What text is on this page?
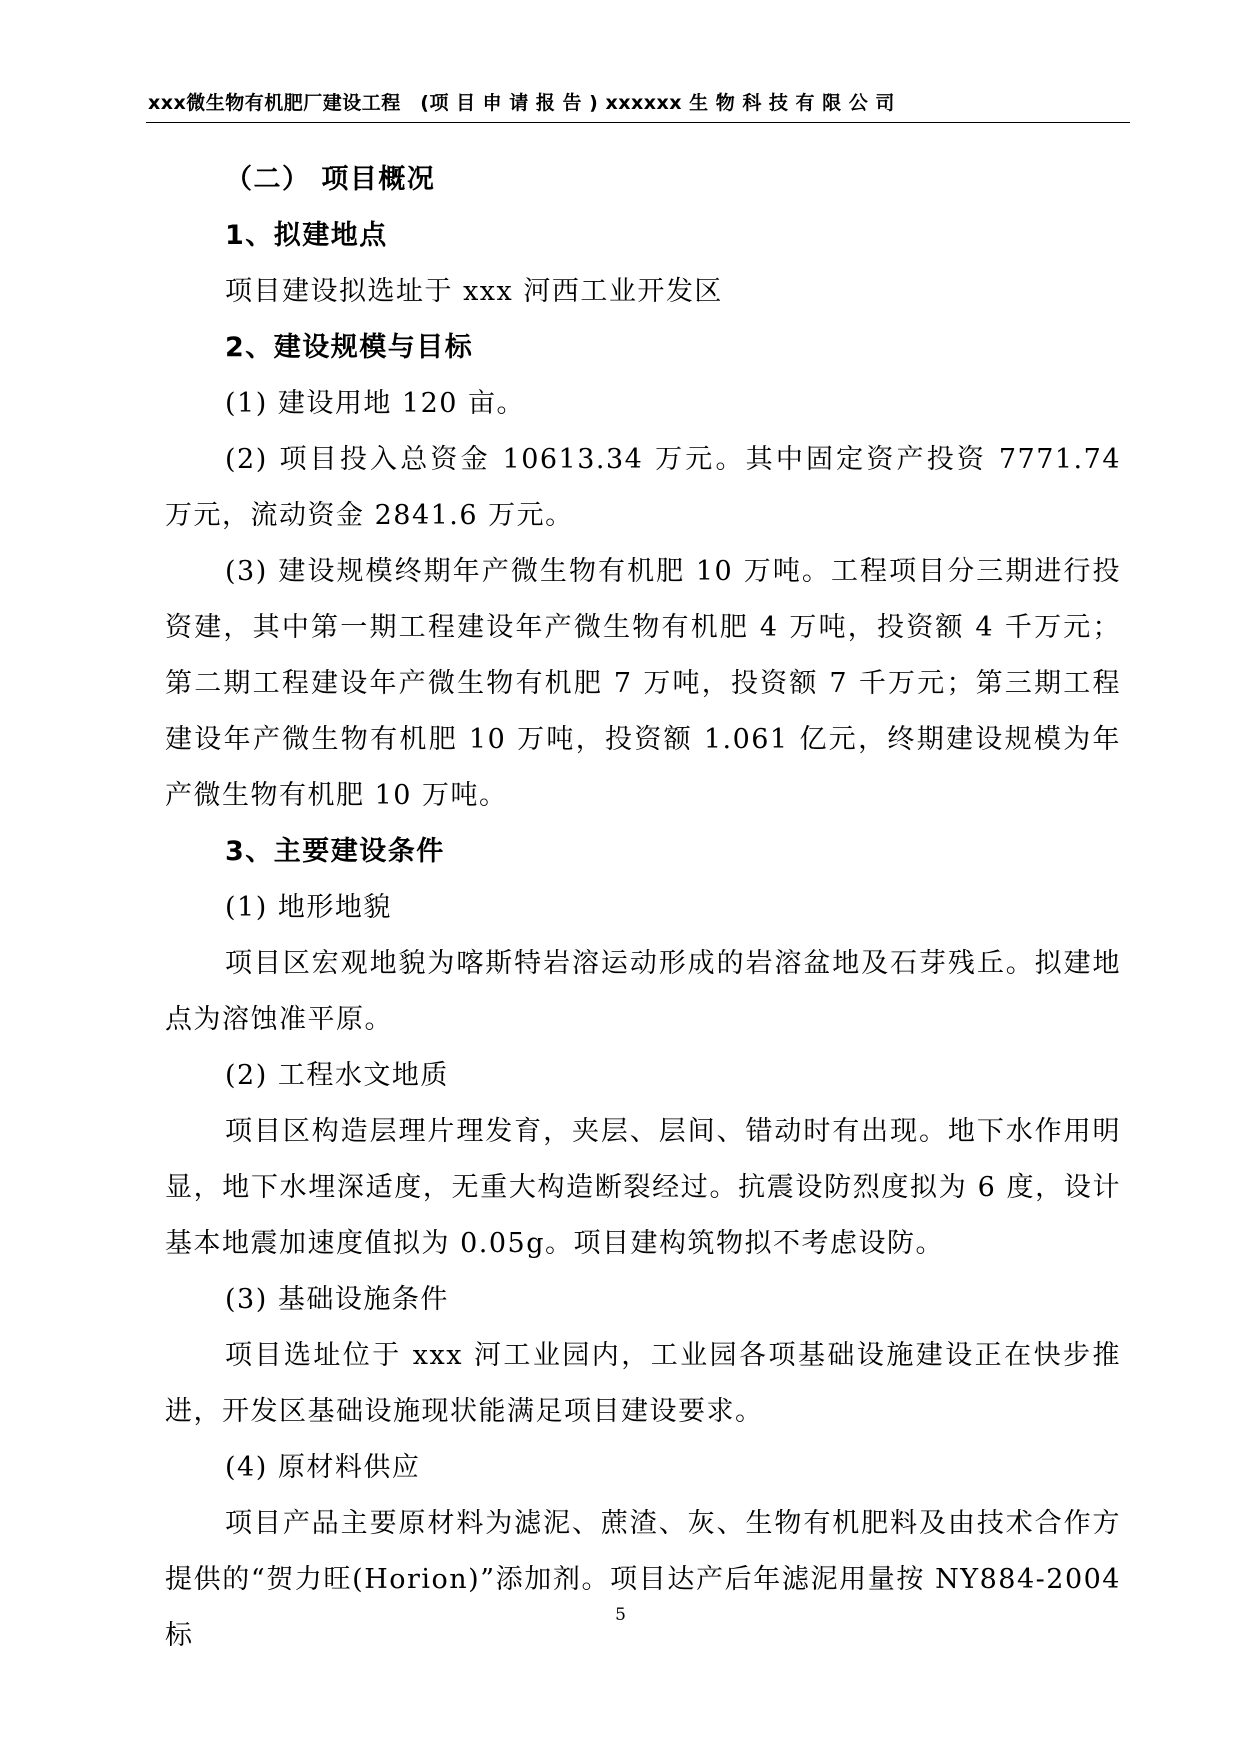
xxx微生物有机肥厂建设工程　(项 目 申 请 报 告 ) xxxxxx 生 物 科 技 有 限 公 司

（二） 项目概况

1、拟建地点

项目建设拟选址于 xxx 河西工业开发区

2、建设规模与目标

(1) 建设用地 120 亩。

(2) 项目投入总资金 10613.34 万元。其中固定资产投资 7771.74 万元，流动资金 2841.6 万元。

(3) 建设规模终期年产微生物有机肥 10 万吨。工程项目分三期进行投资建，其中第一期工程建设年产微生物有机肥 4 万吨，投资额 4 千万元；第二期工程建设年产微生物有机肥 7 万吨，投资额 7 千万元；第三期工程建设年产微生物有机肥 10 万吨，投资额 1.061 亿元，终期建设规模为年产微生物有机肥 10 万吨。

3、主要建设条件

(1) 地形地貌

项目区宏观地貌为喀斯特岩溶运动形成的岩溶盆地及石芽残丘。拟建地点为溶蚀准平原。

(2) 工程水文地质

项目区构造层理片理发育，夹层、层间、错动时有出现。地下水作用明显，地下水埋深适度，无重大构造断裂经过。抗震设防烈度拟为 6 度，设计基本地震加速度值拟为 0.05g。项目建构筑物拟不考虑设防。

(3) 基础设施条件

项目选址位于 xxx 河工业园内，工业园各项基础设施建设正在快步推进，开发区基础设施现状能满足项目建设要求。

(4) 原材料供应

项目产品主要原材料为滤泥、蔗渣、灰、生物有机肥料及由技术合作方提供的“贺力旺(Horion)”添加剂。项目达产后年滤泥用量按 NY884-2004 标

5
